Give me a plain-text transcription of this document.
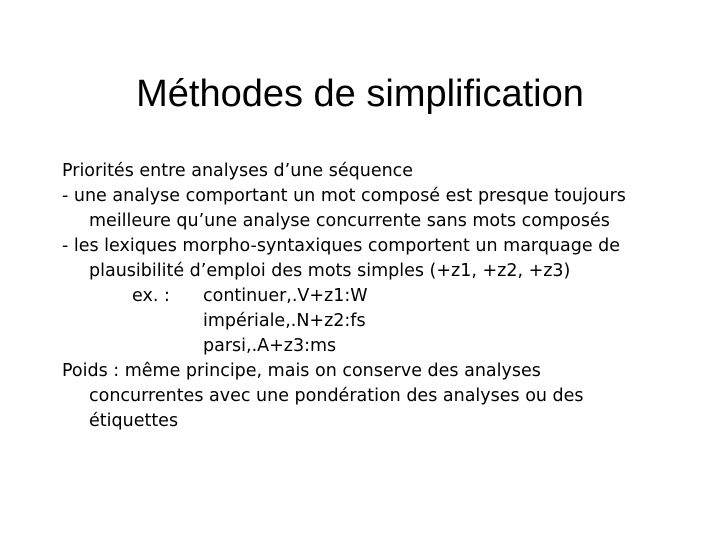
Méthodes de simplification
Priorités entre analyses d’une séquence
- une analyse comportant un mot composé est presque toujours
meilleure qu’une analyse concurrente sans mots composés
- les lexiques morpho-syntaxiques comportent un marquage de
plausibilité d’emploi des mots simples (+z1, +z2, +z3)
ex. : continuer,.V+z1:W
impériale,.N+z2:fs
parsi,.A+z3:ms
Poids : même principe, mais on conserve des analyses
concurrentes avec une pondération des analyses ou des
étiquettes
